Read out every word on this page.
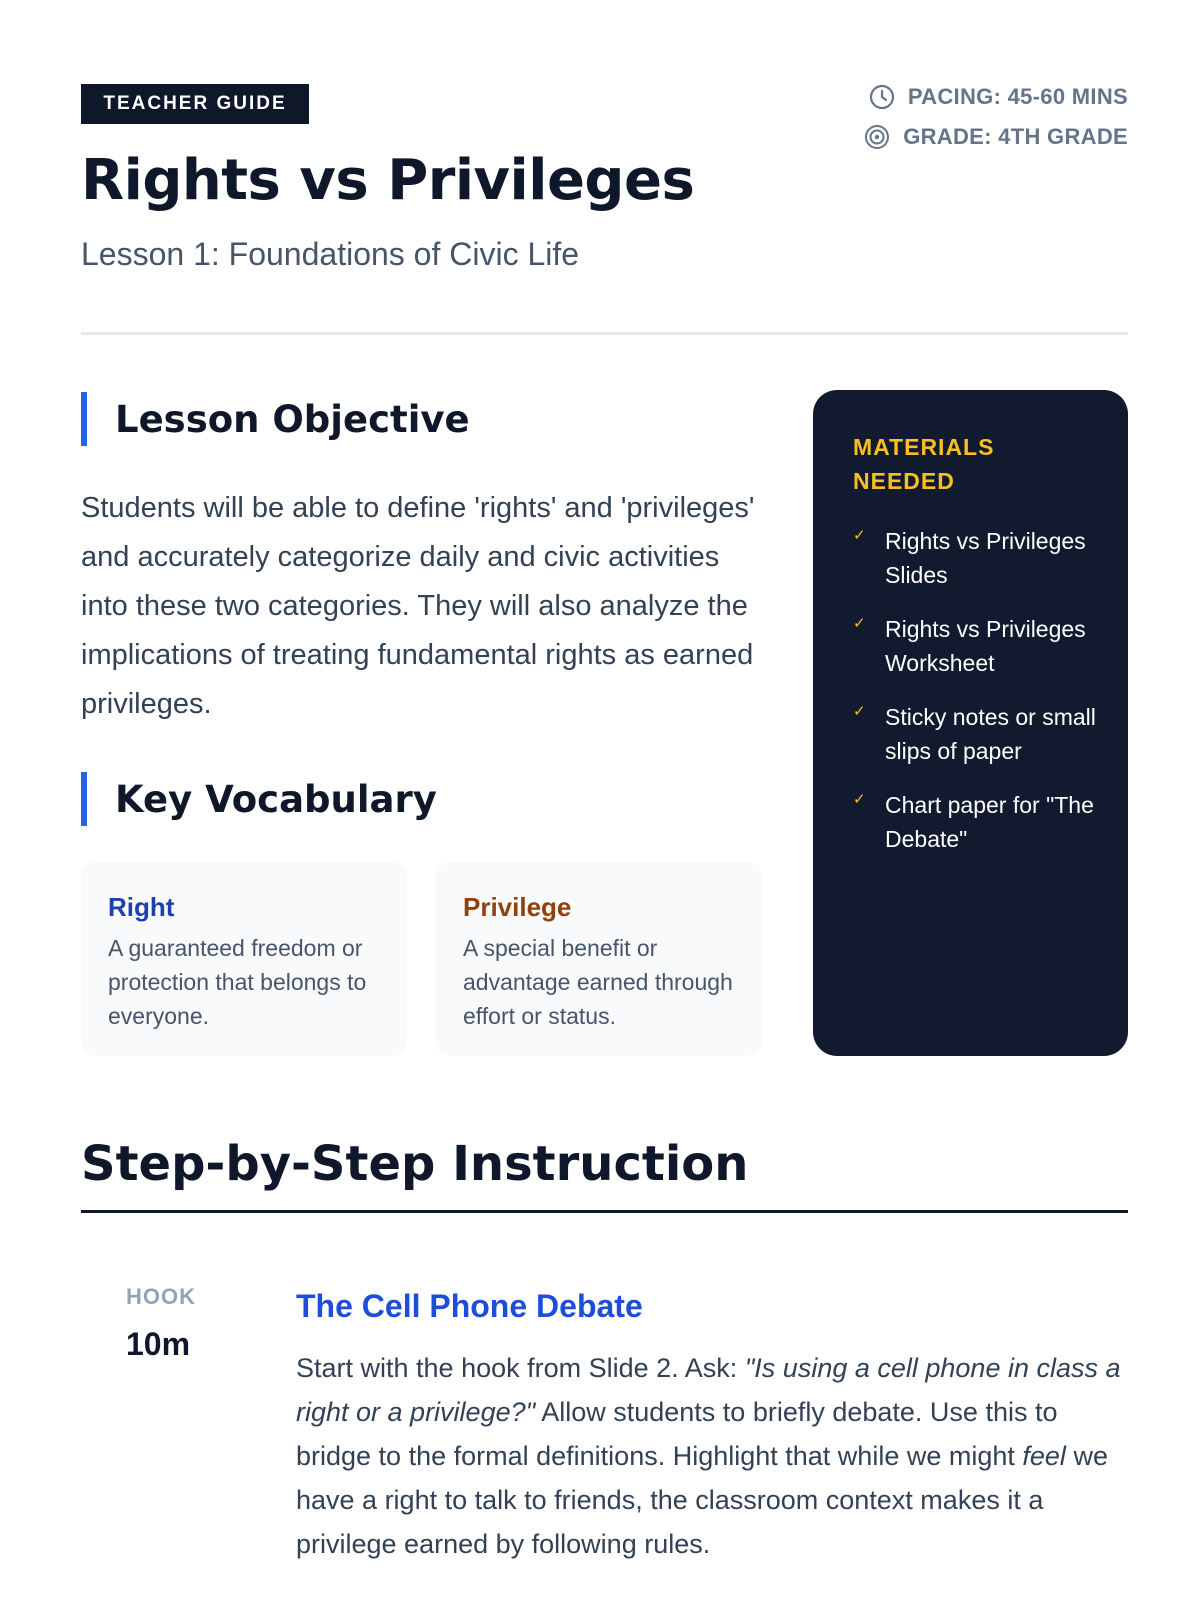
TEACHER GUIDE	PACING: 45-60 MINS
GRADE: 4TH GRADE
Rights vs Privileges
Lesson 1: Foundations of Civic Life
Lesson Objective

Students will be able to define 'rights' and 'privileges' and accurately categorize daily and civic activities into these two categories. They will also analyze the implications of treating fundamental rights as earned privileges.

Key Vocabulary
Right
A guaranteed freedom or protection that belongs to everyone.
Privilege
A special benefit or advantage earned through effort or status.
MATERIALS NEEDED
✓ Rights vs Privileges Slides
✓ Rights vs Privileges Worksheet
✓ Sticky notes or small slips of paper
✓ Chart paper for "The Debate"
Step-by-Step Instruction
HOOK
10m
The Cell Phone Debate

Start with the hook from Slide 2. Ask: "Is using a cell phone in class a right or a privilege?" Allow students to briefly debate. Use this to bridge to the formal definitions. Highlight that while we might feel we have a right to talk to friends, the classroom context makes it a privilege earned by following rules.
